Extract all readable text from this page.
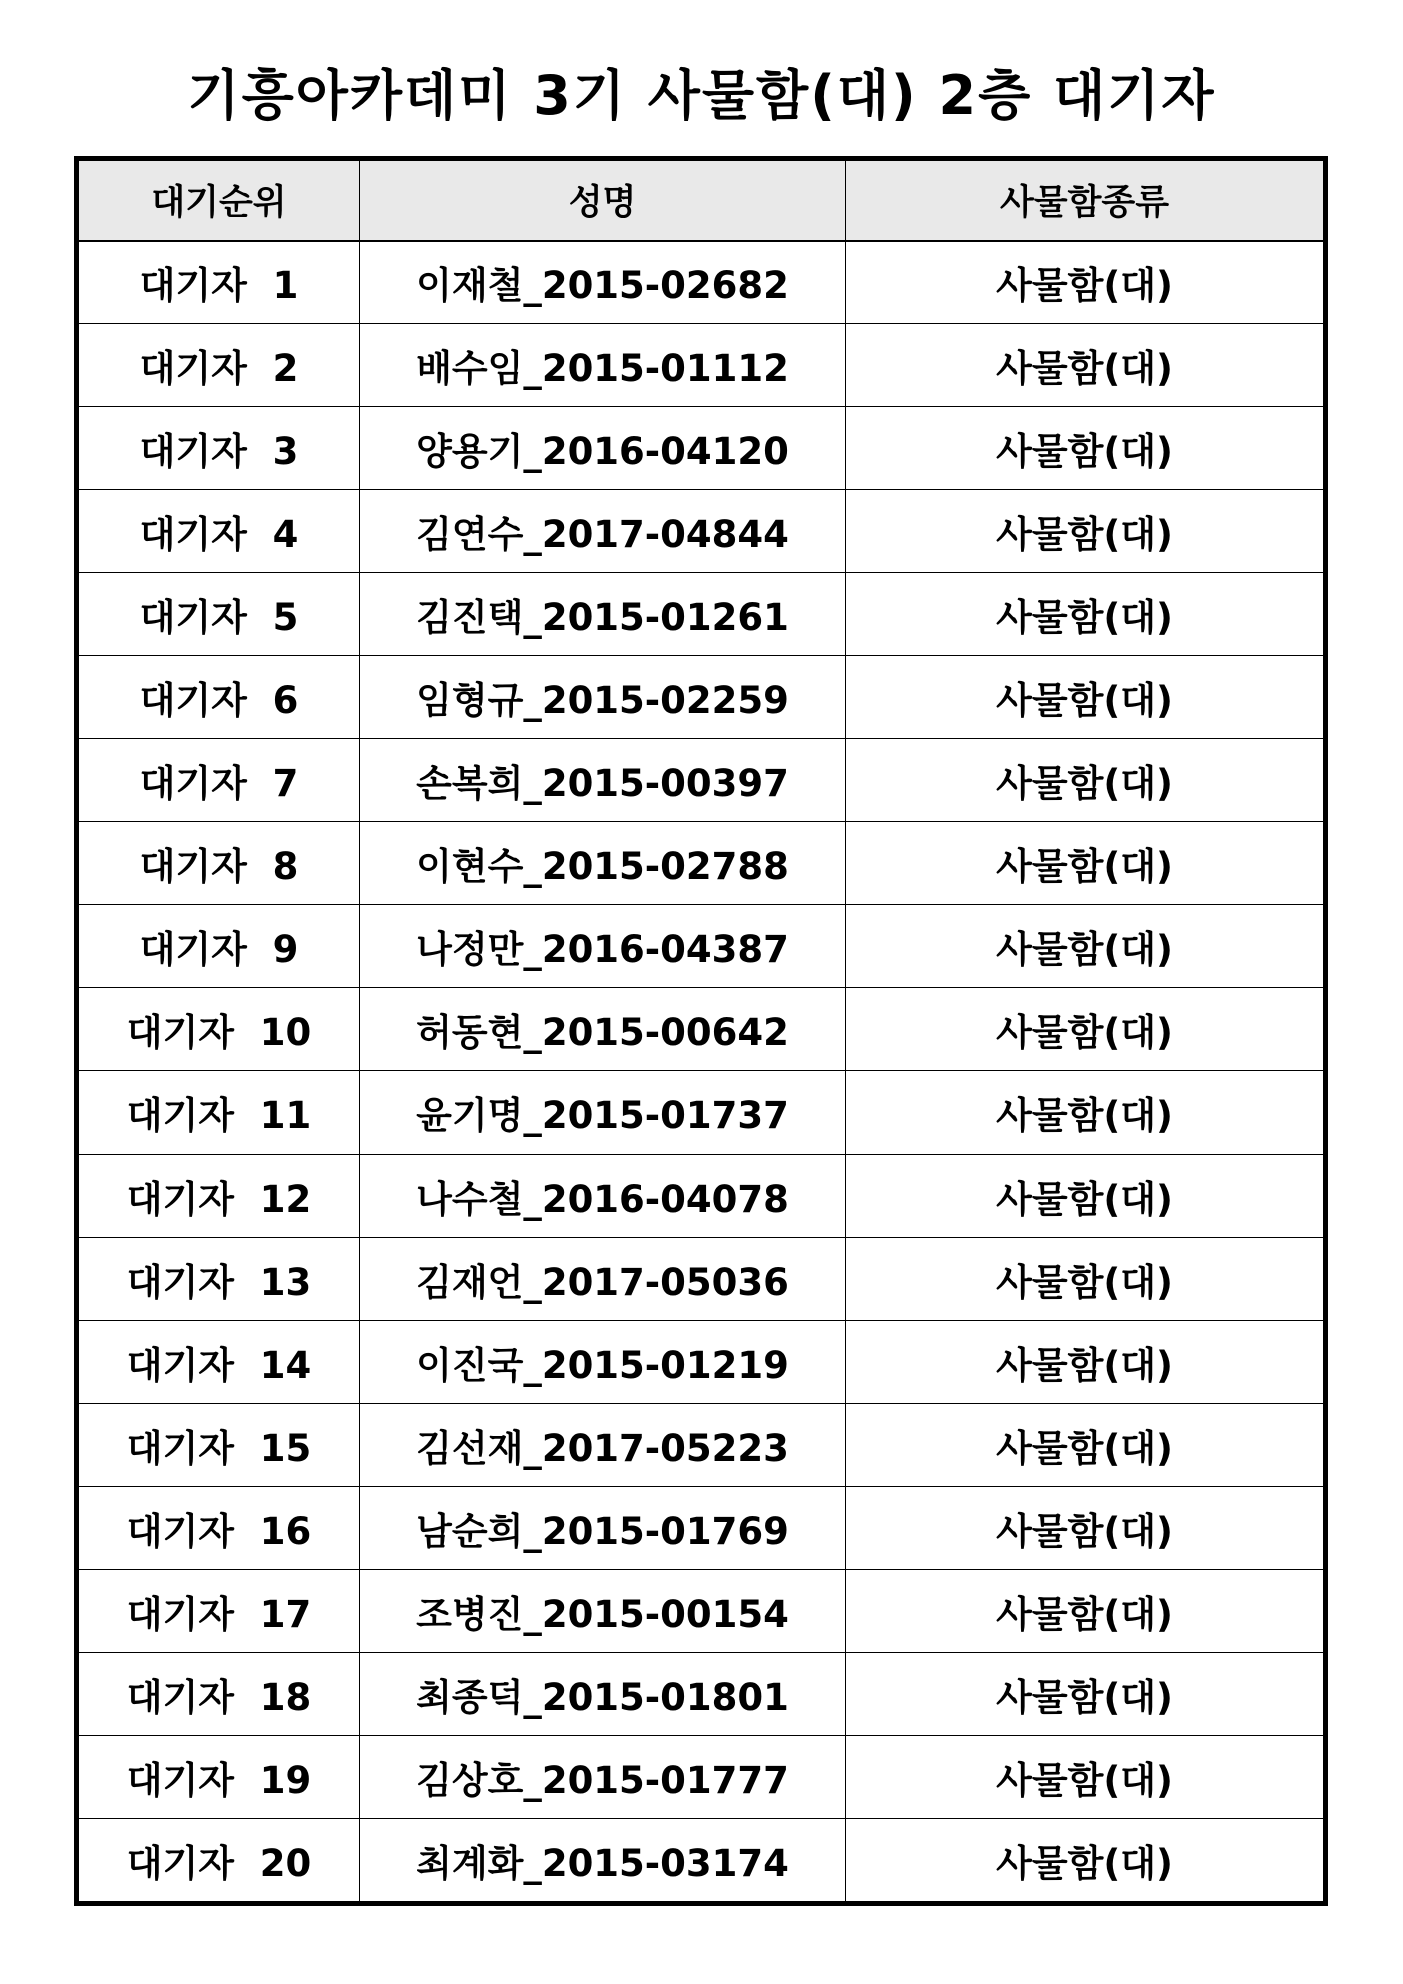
기흥아카데미 3기 사물함(대) 2층 대기자
대기순위	성명	사물함종류
대기자  1	이재철_2015-02682	사물함(대)
대기자  2	배수임_2015-01112	사물함(대)
대기자  3	양용기_2016-04120	사물함(대)
대기자  4	김연수_2017-04844	사물함(대)
대기자  5	김진택_2015-01261	사물함(대)
대기자  6	임형규_2015-02259	사물함(대)
대기자  7	손복희_2015-00397	사물함(대)
대기자  8	이현수_2015-02788	사물함(대)
대기자  9	나정만_2016-04387	사물함(대)
대기자  10	허동현_2015-00642	사물함(대)
대기자  11	윤기명_2015-01737	사물함(대)
대기자  12	나수철_2016-04078	사물함(대)
대기자  13	김재언_2017-05036	사물함(대)
대기자  14	이진국_2015-01219	사물함(대)
대기자  15	김선재_2017-05223	사물함(대)
대기자  16	남순희_2015-01769	사물함(대)
대기자  17	조병진_2015-00154	사물함(대)
대기자  18	최종덕_2015-01801	사물함(대)
대기자  19	김상호_2015-01777	사물함(대)
대기자  20	최계화_2015-03174	사물함(대)
